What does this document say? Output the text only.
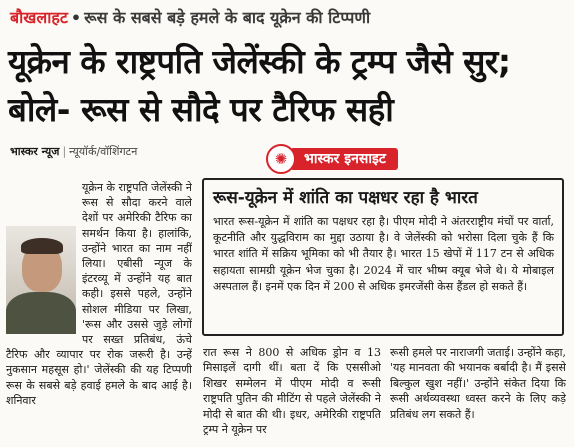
बौखलाहट • रूस के सबसे बड़े हमले के बाद यूक्रेन की टिप्पणी
यूक्रेन के राष्ट्रपति जेलेंस्की के ट्रम्प जैसे सुर; बोले- रूस से सौदे पर टैरिफ सही
भास्कर न्यूज | न्यूयॉर्क/वॉशिंगटन
यूक्रेन के राष्ट्रपति जेलेंस्की ने रूस से सौदा करने वाले देशों पर अमेरिकी टैरिफ का समर्थन किया है। हालांकि, उन्होंने भारत का नाम नहीं लिया। एबीसी न्यूज के इंटरव्यू में उन्होंने यह बात कही। इससे पहले, उन्होंने सोशल मीडिया पर लिखा, 'रूस और उससे जुड़े लोगों पर सख्त प्रतिबंध, ऊंचे टैरिफ और व्यापार पर रोक जरूरी है। उन्हें नुकसान महसूस हो।' जेलेंस्की की यह टिप्पणी रूस के सबसे बड़े हवाई हमले के बाद आई है। शनिवार
भास्कर इनसाइट
✺
रूस-यूक्रेन में शांति का पक्षधर रहा है भारत

भारत रूस-यूक्रेन में शांति का पक्षधर रहा है। पीएम मोदी ने अंतरराष्ट्रीय मंचों पर वार्ता, कूटनीति और युद्धविराम का मुद्दा उठाया है। वे जेलेंस्की को भरोसा दिला चुके हैं कि भारत शांति में सक्रिय भूमिका को भी तैयार है। भारत 15 खेपों में 117 टन से अधिक सहायता सामग्री यूक्रेन भेज चुका है। 2024 में चार भीष्म क्यूब भेजे थे। ये मोबाइल अस्पताल हैं। इनमें एक दिन में 200 से अधिक इमरजेंसी केस हैंडल हो सकते हैं।

रात रूस ने 800 से अधिक ड्रोन व 13 मिसाइलें दागी थीं। बता दें कि एससीओ शिखर सम्मेलन में पीएम मोदी व रूसी राष्ट्रपति पुतिन की मीटिंग से पहले जेलेंस्की ने मोदी से बात की थी। इधर, अमेरिकी राष्ट्रपति ट्रम्प ने यूक्रेन पर
रूसी हमले पर नाराजगी जताई। उन्होंने कहा, 'यह मानवता की भयानक बर्बादी है। मैं इससे बिल्कुल खुश नहीं।' उन्होंने संकेत दिया कि रूसी अर्थव्यवस्था ध्वस्त करने के लिए कड़े प्रतिबंध लग सकते हैं।
